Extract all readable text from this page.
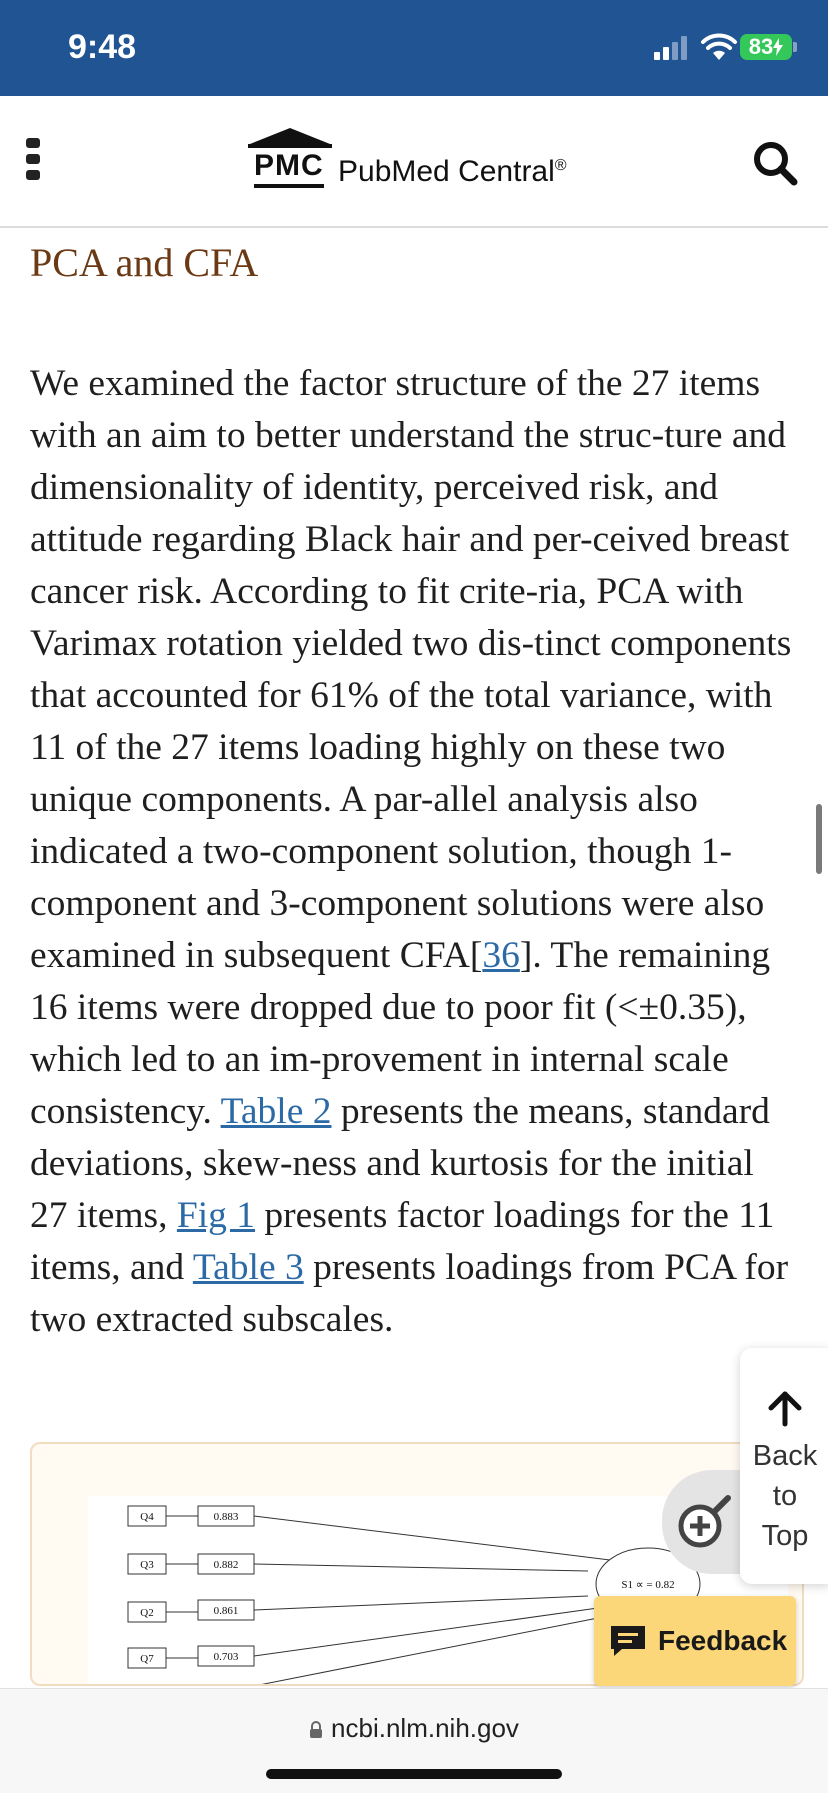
9:48	83
PMC PubMed Central®
PCA and CFA

We examined the factor structure of the 27 items with an aim to better understand the struc-ture and dimensionality of identity, perceived risk, and attitude regarding Black hair and per-ceived breast cancer risk. According to fit crite-ria, PCA with Varimax rotation yielded two dis-tinct components that accounted for 61% of the total variance, with 11 of the 27 items loading highly on these two unique components. A par-allel analysis also indicated a two-component solution, though 1-component and 3-component solutions were also examined in subsequent CFA[36]. The remaining 16 items were dropped due to poor fit (<±0.35), which led to an im-provement in internal scale consistency. Table 2 presents the means, standard deviations, skew-ness and kurtosis for the initial 27 items, Fig 1 presents factor loadings for the 11 items, and Table 3 presents loadings from PCA for two extracted subscales.

Q4	0.883
Q3	0.882
Q2	0.861
Q7	0.703
S1 ∝ = 0.82
Back
to
Top
Feedback
ncbi.nlm.nih.gov
